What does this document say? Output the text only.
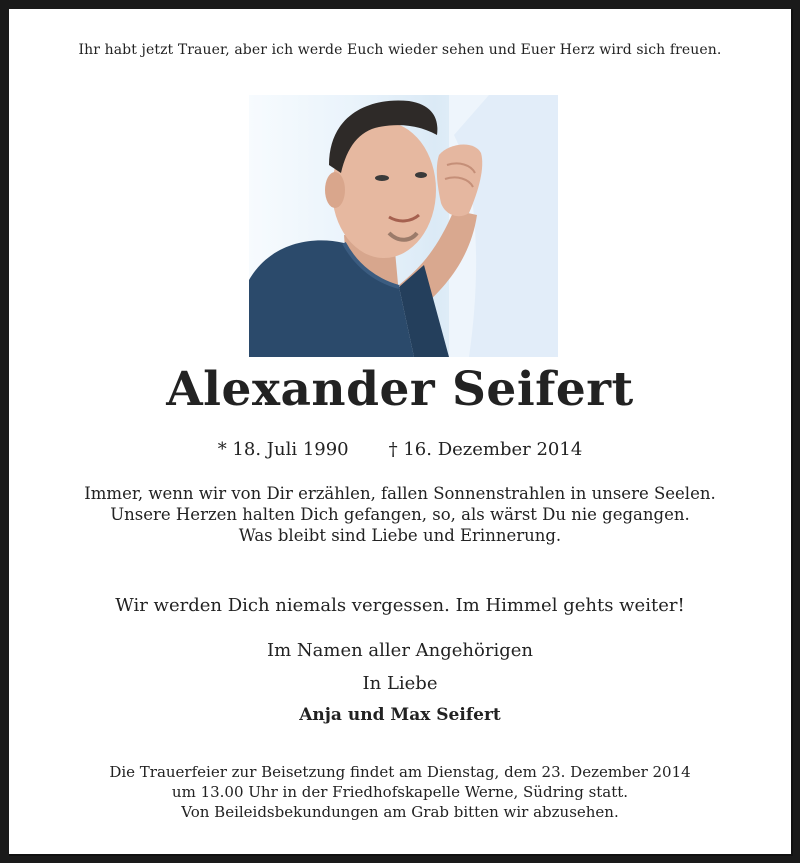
Ihr habt jetzt Trauer, aber ich werde Euch wieder sehen und Euer Herz wird sich freuen.
Alexander Seifert
* 18. Juli 1990 † 16. Dezember 2014
Immer, wenn wir von Dir erzählen, fallen Sonnenstrahlen in unsere Seelen.
Unsere Herzen halten Dich gefangen, so, als wärst Du nie gegangen.
Was bleibt sind Liebe und Erinnerung.
Wir werden Dich niemals vergessen. Im Himmel gehts weiter!
Im Namen aller Angehörigen
In Liebe
Anja und Max Seifert
Die Trauerfeier zur Beisetzung findet am Dienstag, dem 23. Dezember 2014
um 13.00 Uhr in der Friedhofskapelle Werne, Südring statt.
Von Beileidsbekundungen am Grab bitten wir abzusehen.
